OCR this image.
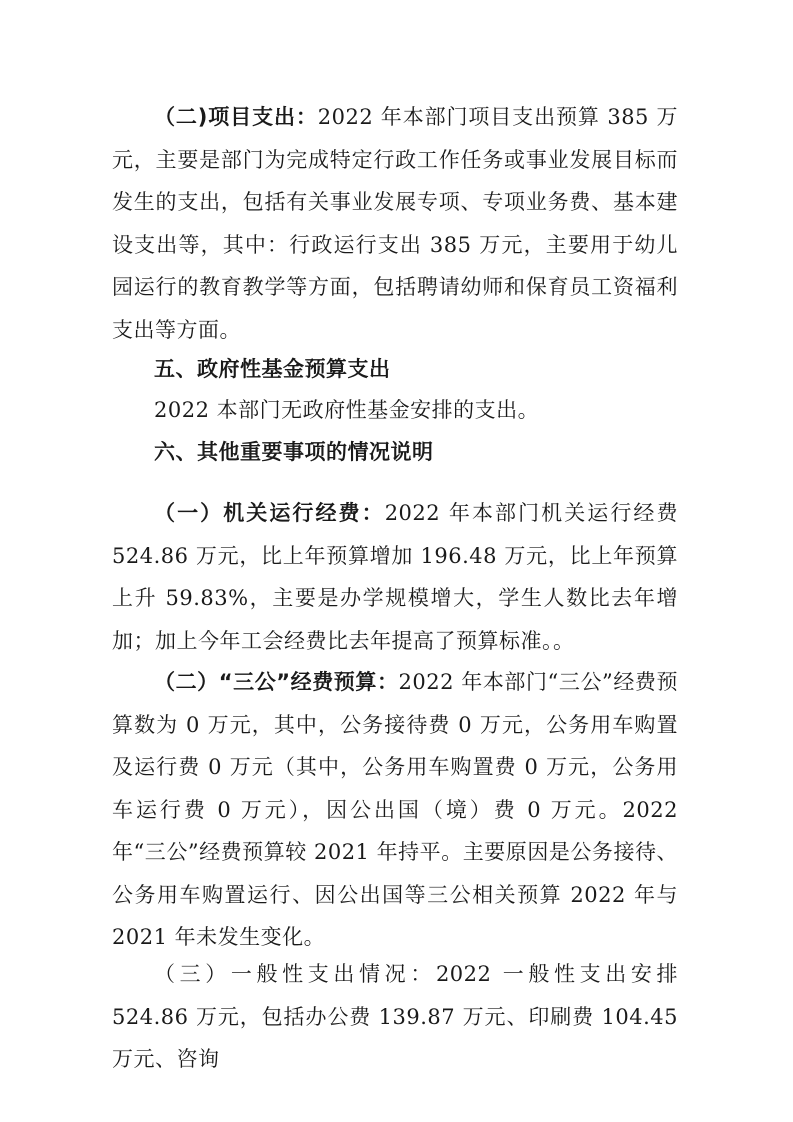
（二)项目支出：2022 年本部门项目支出预算 385 万元，主要是部门为完成特定行政工作任务或事业发展目标而发生的支出，包括有关事业发展专项、专项业务费、基本建设支出等，其中：行政运行支出 385 万元，主要用于幼儿园运行的教育教学等方面，包括聘请幼师和保育员工资福利支出等方面。

五、政府性基金预算支出

2022 本部门无政府性基金安排的支出。

六、其他重要事项的情况说明

（一）机关运行经费：2022 年本部门机关运行经费 524.86 万元，比上年预算增加 196.48 万元，比上年预算上升 59.83%，主要是办学规模增大，学生人数比去年增加；加上今年工会经费比去年提高了预算标准。。

（二）“三公”经费预算：2022 年本部门“三公”经费预算数为 0 万元，其中，公务接待费 0 万元，公务用车购置及运行费 0 万元（其中，公务用车购置费 0 万元，公务用车运行费 0 万元），因公出国（境）费 0 万元。2022 年“三公”经费预算较 2021 年持平。主要原因是公务接待、公务用车购置运行、因公出国等三公相关预算 2022 年与 2021 年未发生变化。

（三）一般性支出情况：2022 一般性支出安排 524.86 万元，包括办公费 139.87 万元、印刷费 104.45 万元、咨询
